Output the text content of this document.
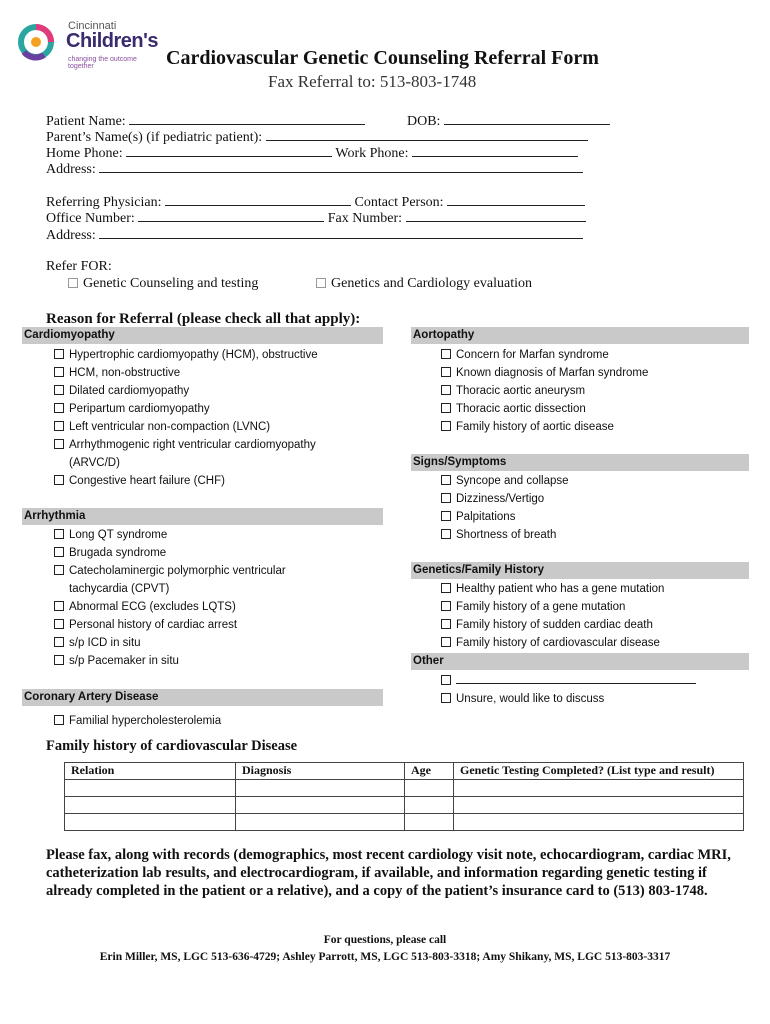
Cincinnati
Children's
changing the outcome together	Cardiovascular Genetic Counseling Referral Form
Fax Referral to: 513-803-1748
Patient Name:	DOB:
Parent’s Name(s) (if pediatric patient):
Home Phone:	Work Phone:
Address:
Referring Physician:	Contact Person:
Office Number:	Fax Number:
Address:
Refer FOR:
Genetic Counseling and testing	Genetics and Cardiology evaluation
Reason for Referral (please check all that apply):
Cardiomyopathy
Hypertrophic cardiomyopathy (HCM), obstructive
HCM, non-obstructive
Dilated cardiomyopathy
Peripartum cardiomyopathy
Left ventricular non-compaction (LVNC)
Arrhythmogenic right ventricular cardiomyopathy
(ARVC/D)
Congestive heart failure (CHF)
Arrhythmia
Long QT syndrome
Brugada syndrome
Catecholaminergic polymorphic ventricular
tachycardia (CPVT)
Abnormal ECG (excludes LQTS)
Personal history of cardiac arrest
s/p ICD in situ
s/p Pacemaker in situ
Coronary Artery Disease
Familial hypercholesterolemia
Aortopathy
Concern for Marfan syndrome
Known diagnosis of Marfan syndrome
Thoracic aortic aneurysm
Thoracic aortic dissection
Family history of aortic disease
Signs/Symptoms
Syncope and collapse
Dizziness/Vertigo
Palpitations
Shortness of breath
Genetics/Family History
Healthy patient who has a gene mutation
Family history of a gene mutation
Family history of sudden cardiac death
Family history of cardiovascular disease
Other
Unsure, would like to discuss
Family history of cardiovascular Disease
Relation	Diagnosis	Age	Genetic Testing Completed? (List type and result)

Please fax, along with records (demographics, most recent cardiology visit note, echocardiogram, cardiac MRI, catheterization lab results, and electrocardiogram, if available, and information regarding genetic testing if already completed in the patient or a relative), and a copy of the patient’s insurance card to (513) 803-1748.
For questions, please call
Erin Miller, MS, LGC 513-636-4729; Ashley Parrott, MS, LGC 513-803-3318; Amy Shikany, MS, LGC 513-803-3317
